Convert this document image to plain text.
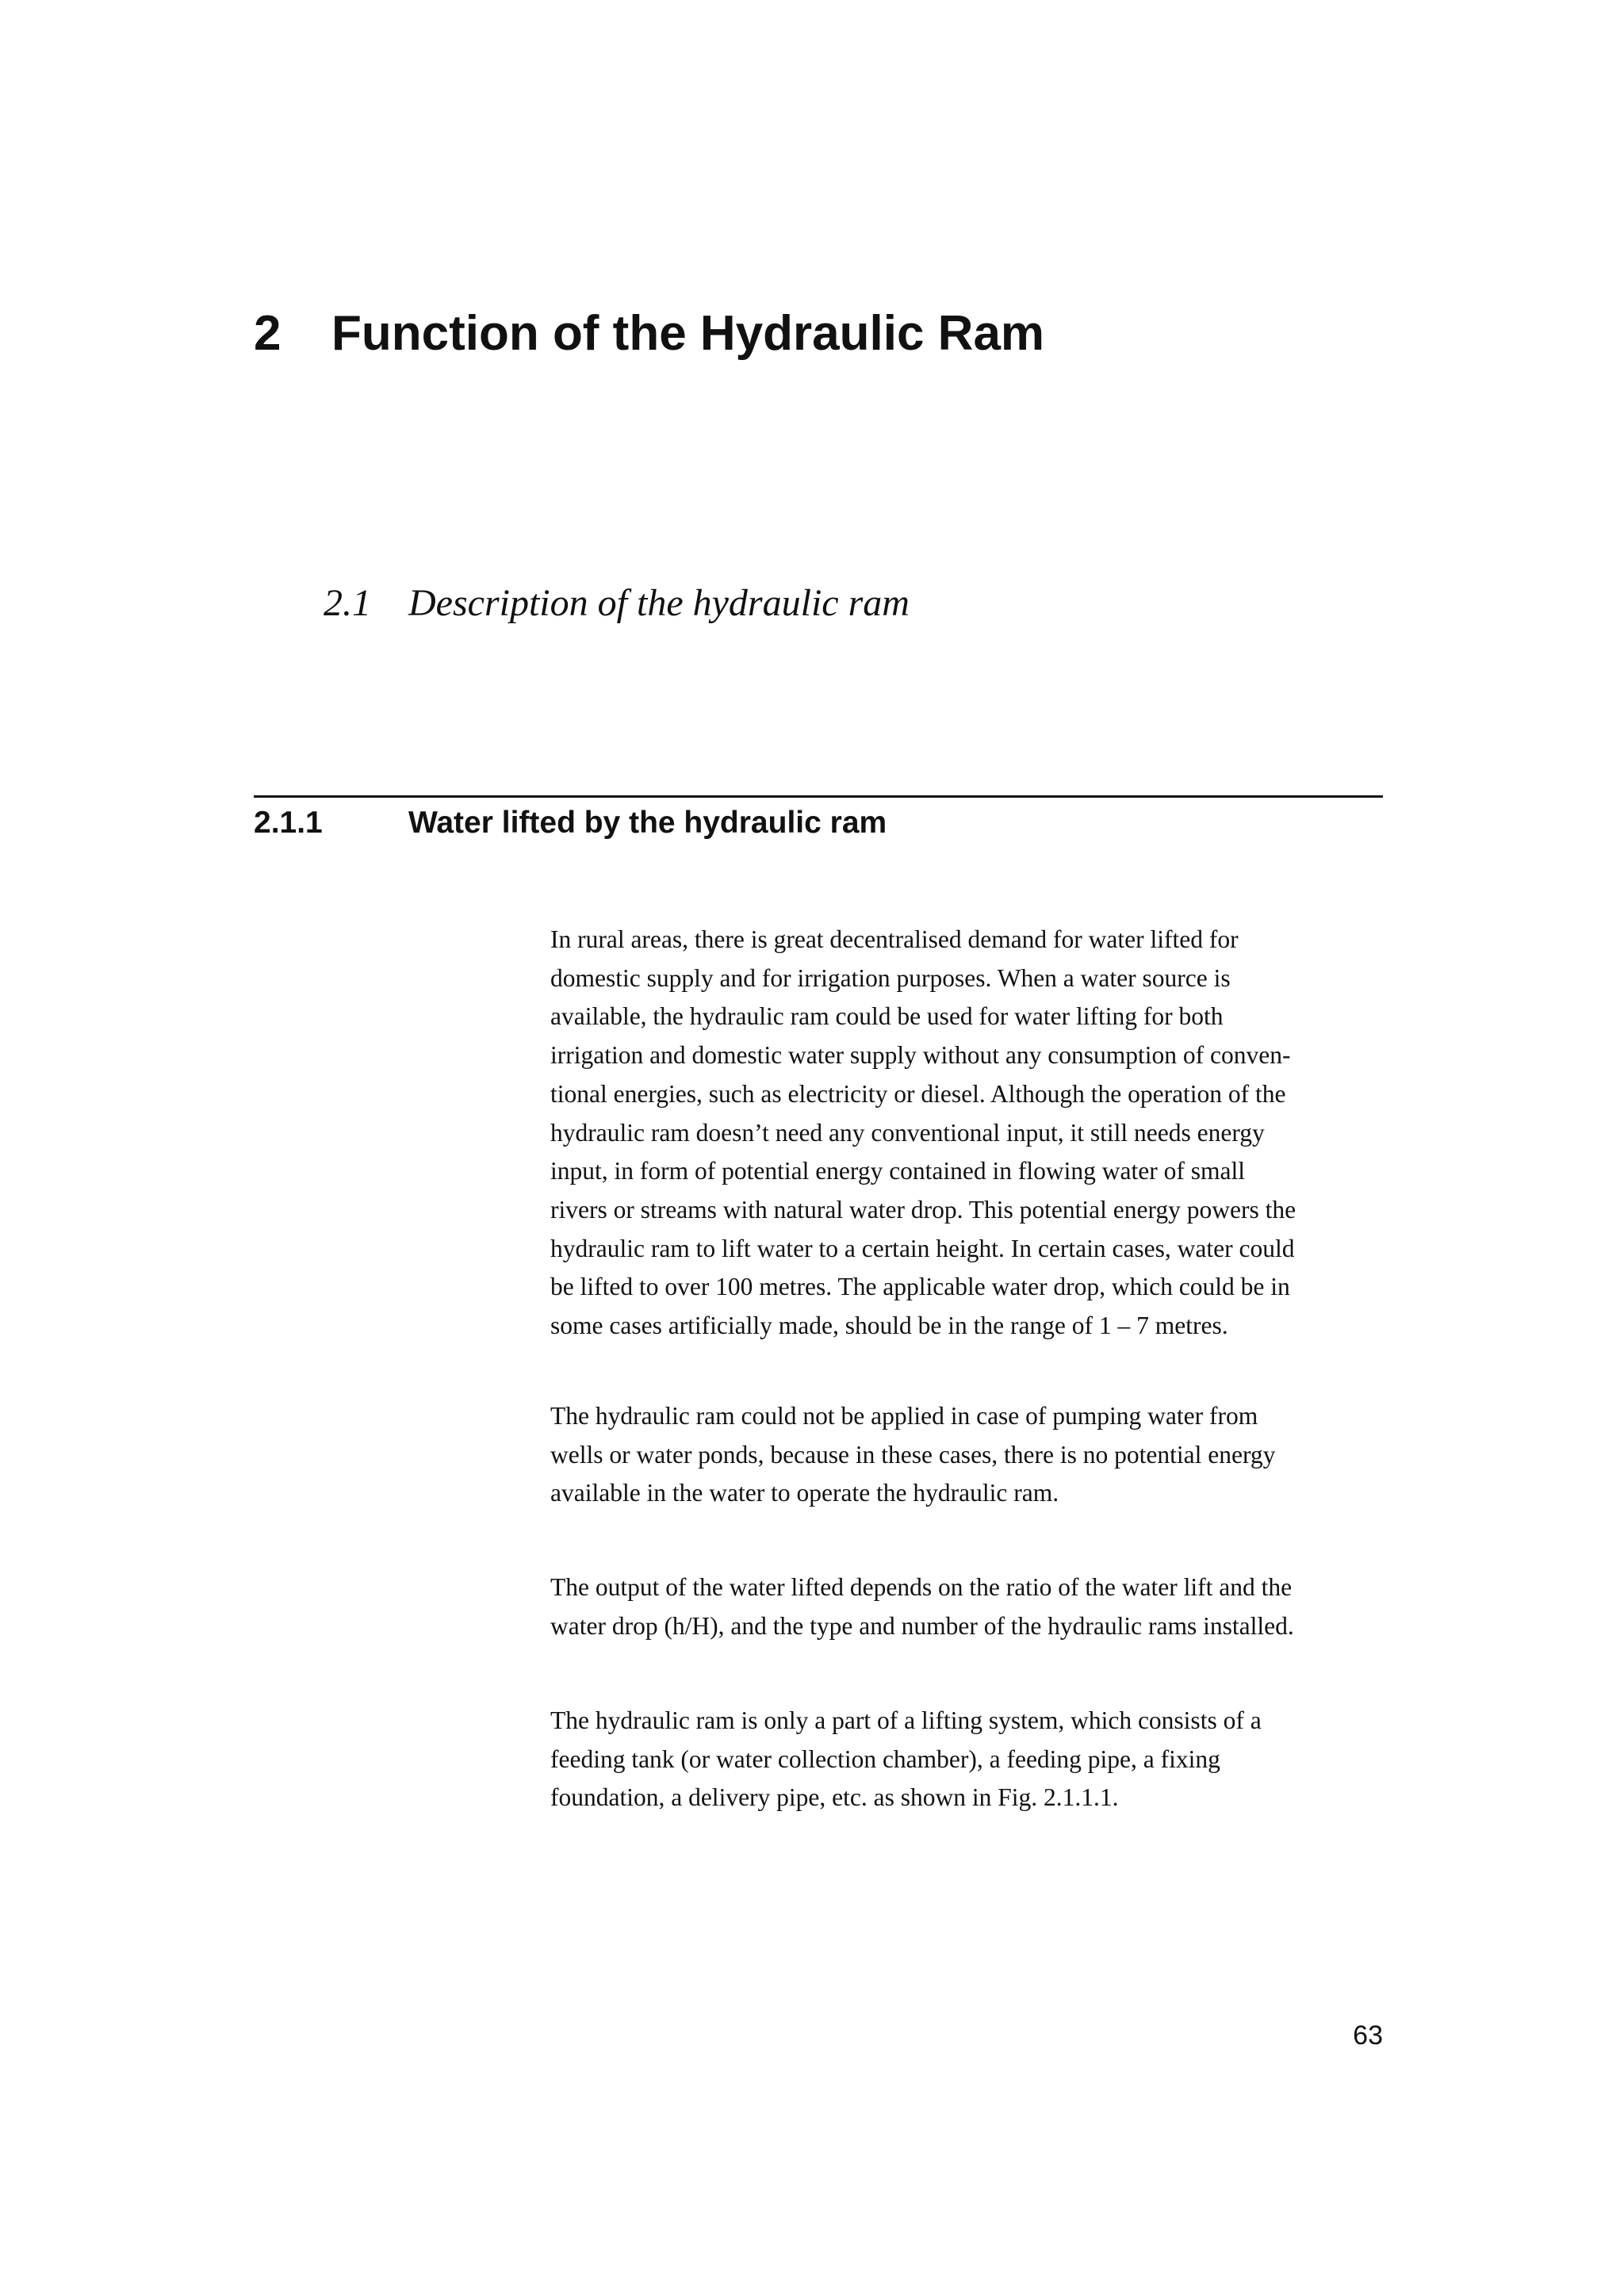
2 Function of the Hydraulic Ram
2.1 Description of the hydraulic ram
2.1.1	Water lifted by the hydraulic ram
In rural areas, there is great decentralised demand for water lifted for
domestic supply and for irrigation purposes. When a water source is
available, the hydraulic ram could be used for water lifting for both
irrigation and domestic water supply without any consumption of conven-
tional energies, such as electricity or diesel. Although the operation of the
hydraulic ram doesn’t need any conventional input, it still needs energy
input, in form of potential energy contained in flowing water of small
rivers or streams with natural water drop. This potential energy powers the
hydraulic ram to lift water to a certain height. In certain cases, water could
be lifted to over 100 metres. The applicable water drop, which could be in
some cases artificially made, should be in the range of 1 – 7 metres.
The hydraulic ram could not be applied in case of pumping water from
wells or water ponds, because in these cases, there is no potential energy
available in the water to operate the hydraulic ram.
The output of the water lifted depends on the ratio of the water lift and the
water drop (h/H), and the type and number of the hydraulic rams installed.
The hydraulic ram is only a part of a lifting system, which consists of a
feeding tank (or water collection chamber), a feeding pipe, a fixing
foundation, a delivery pipe, etc. as shown in Fig. 2.1.1.1.
63
